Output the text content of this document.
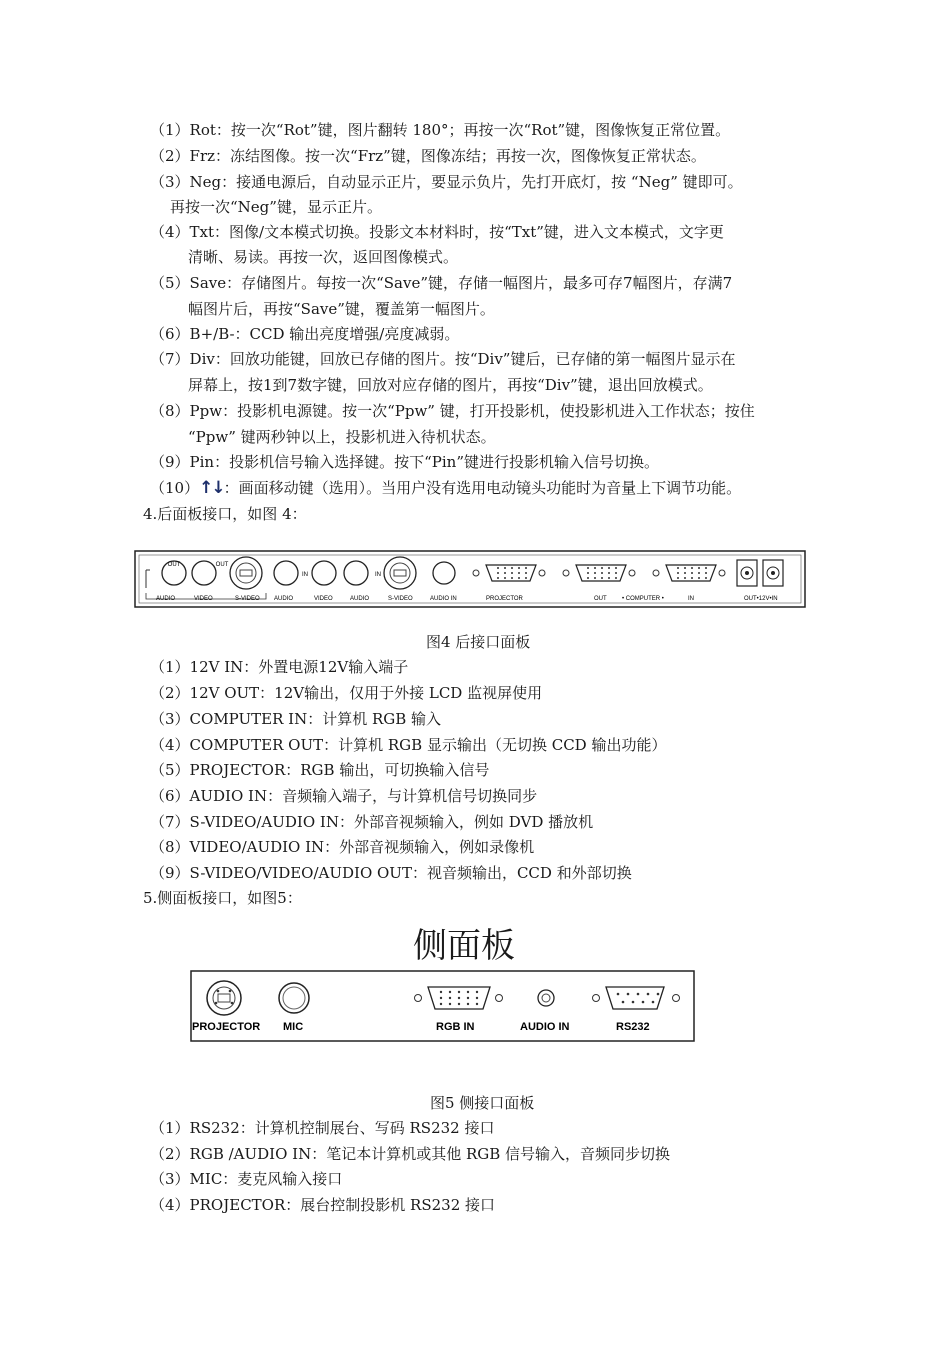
（1）Rot：按一次“Rot”键，图片翻转 180°；再按一次“Rot”键，图像恢复正常位置。
（2）Frz：冻结图像。按一次“Frz”键，图像冻结；再按一次，图像恢复正常状态。
（3）Neg：接通电源后，自动显示正片，要显示负片，先打开底灯，按 “Neg” 键即可。
再按一次“Neg”键，显示正片。
（4）Txt：图像/文本模式切换。投影文本材料时，按“Txt”键，进入文本模式，文字更
清晰、易读。再按一次，返回图像模式。
（5）Save：存储图片。每按一次“Save”键，存储一幅图片，最多可存7幅图片，存满7
幅图片后，再按“Save”键，覆盖第一幅图片。
（6）B+/B-：CCD 输出亮度增强/亮度减弱。
（7）Div：回放功能键，回放已存储的图片。按“Div”键后，已存储的第一幅图片显示在
屏幕上，按1到7数字键，回放对应存储的图片，再按“Div”键，退出回放模式。
（8）Ppw：投影机电源键。按一次“Ppw” 键，打开投影机，使投影机进入工作状态；按住
“Ppw” 键两秒钟以上，投影机进入待机状态。
（9）Pin：投影机信号输入选择键。按下“Pin”键进行投影机输入信号切换。
（10）↑↓：画面移动键（选用）。当用户没有选用电动镜头功能时为音量上下调节功能。
4.后面板接口，如图 4：
OUT	OUT
AUDIO	VIDEO	S-VIDEO
IN
AUDIO	VIDEO
IN
AUDIO	S-VIDEO	AUDIO IN	PROJECTOR	OUT	• COMPUTER •	IN	OUT•12V•IN
图4 后接口面板
（1）12V IN：外置电源12V输入端子
（2）12V OUT：12V输出，仅用于外接 LCD 监视屏使用
（3）COMPUTER IN：计算机 RGB 输入
（4）COMPUTER OUT：计算机 RGB 显示输出（无切换 CCD 输出功能）
（5）PROJECTOR：RGB 输出，可切换输入信号
（6）AUDIO IN：音频输入端子，与计算机信号切换同步
（7）S-VIDEO/AUDIO IN：外部音视频输入，例如 DVD 播放机
（8）VIDEO/AUDIO IN：外部音视频输入，例如录像机
（9）S-VIDEO/VIDEO/AUDIO OUT：视音频输出，CCD 和外部切换
5.侧面板接口，如图5：
侧面板
PROJECTOR MIC	RGB IN	AUDIO IN	RS232
图5 侧接口面板
（1）RS232：计算机控制展台、写码 RS232 接口
（2）RGB /AUDIO IN：笔记本计算机或其他 RGB 信号输入，音频同步切换
（3）MIC：麦克风输入接口
（4）PROJECTOR：展台控制投影机 RS232 接口
